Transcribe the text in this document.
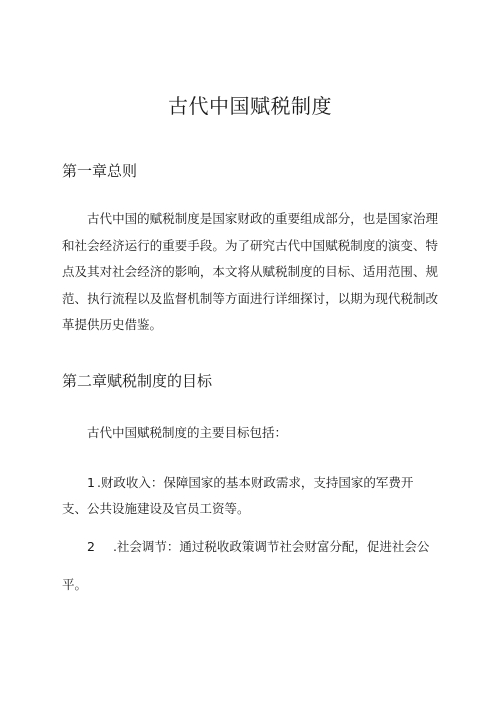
古代中国赋税制度
第一章总则

古代中国的赋税制度是国家财政的重要组成部分，也是国家治理和社会经济运行的重要手段。为了研究古代中国赋税制度的演变、特点及其对社会经济的影响，本文将从赋税制度的目标、适用范围、规范、执行流程以及监督机制等方面进行详细探讨，以期为现代税制改革提供历史借鉴。

第二章赋税制度的目标

古代中国赋税制度的主要目标包括：

1 .财政收入：保障国家的基本财政需求，支持国家的军费开支、公共设施建设及官员工资等。

2 .社会调节：通过税收政策调节社会财富分配，促进社会公平。
